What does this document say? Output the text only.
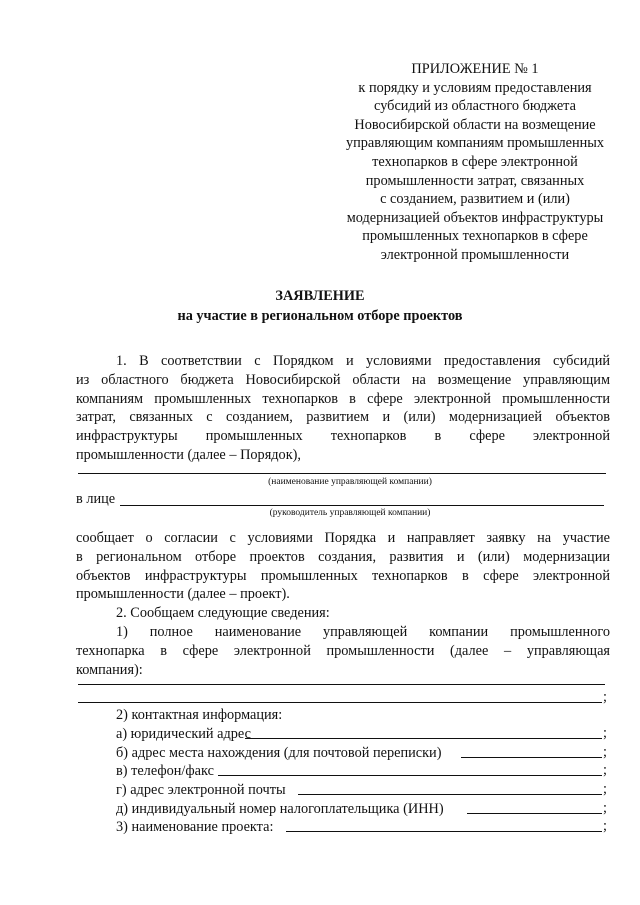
ПРИЛОЖЕНИЕ № 1
к порядку и условиям предоставления
субсидий из областного бюджета
Новосибирской области на возмещение
управляющим компаниям промышленных
технопарков в сфере электронной
промышленности затрат, связанных
с созданием, развитием и (или)
модернизацией объектов инфраструктуры
промышленных технопарков в сфере
электронной промышленности
ЗАЯВЛЕНИЕ
на участие в региональном отборе проектов
1. В соответствии с Порядком и условиями предоставления субсидий
из областного бюджета Новосибирской области на возмещение управляющим
компаниям промышленных технопарков в сфере электронной промышленности
затрат, связанных с созданием, развитием и (или) модернизацией объектов
инфраструктуры промышленных технопарков в сфере электронной
промышленности (далее – Порядок),
(наименование управляющей компании)
в лице
(руководитель управляющей компании)
сообщает о согласии с условиями Порядка и направляет заявку на участие
в региональном отборе проектов создания, развития и (или) модернизации
объектов инфраструктуры промышленных технопарков в сфере электронной
промышленности (далее – проект).
2. Сообщаем следующие сведения:
1) полное наименование управляющей компании промышленного
технопарка в сфере электронной промышленности (далее – управляющая
компания):
;
2) контактная информация:
а) юридический адрес	;
б) адрес места нахождения (для почтовой переписки)	;
в) телефон/факс	;
г) адрес электронной почты	;
д) индивидуальный номер налогоплательщика (ИНН)	;
3) наименование проекта:	;
